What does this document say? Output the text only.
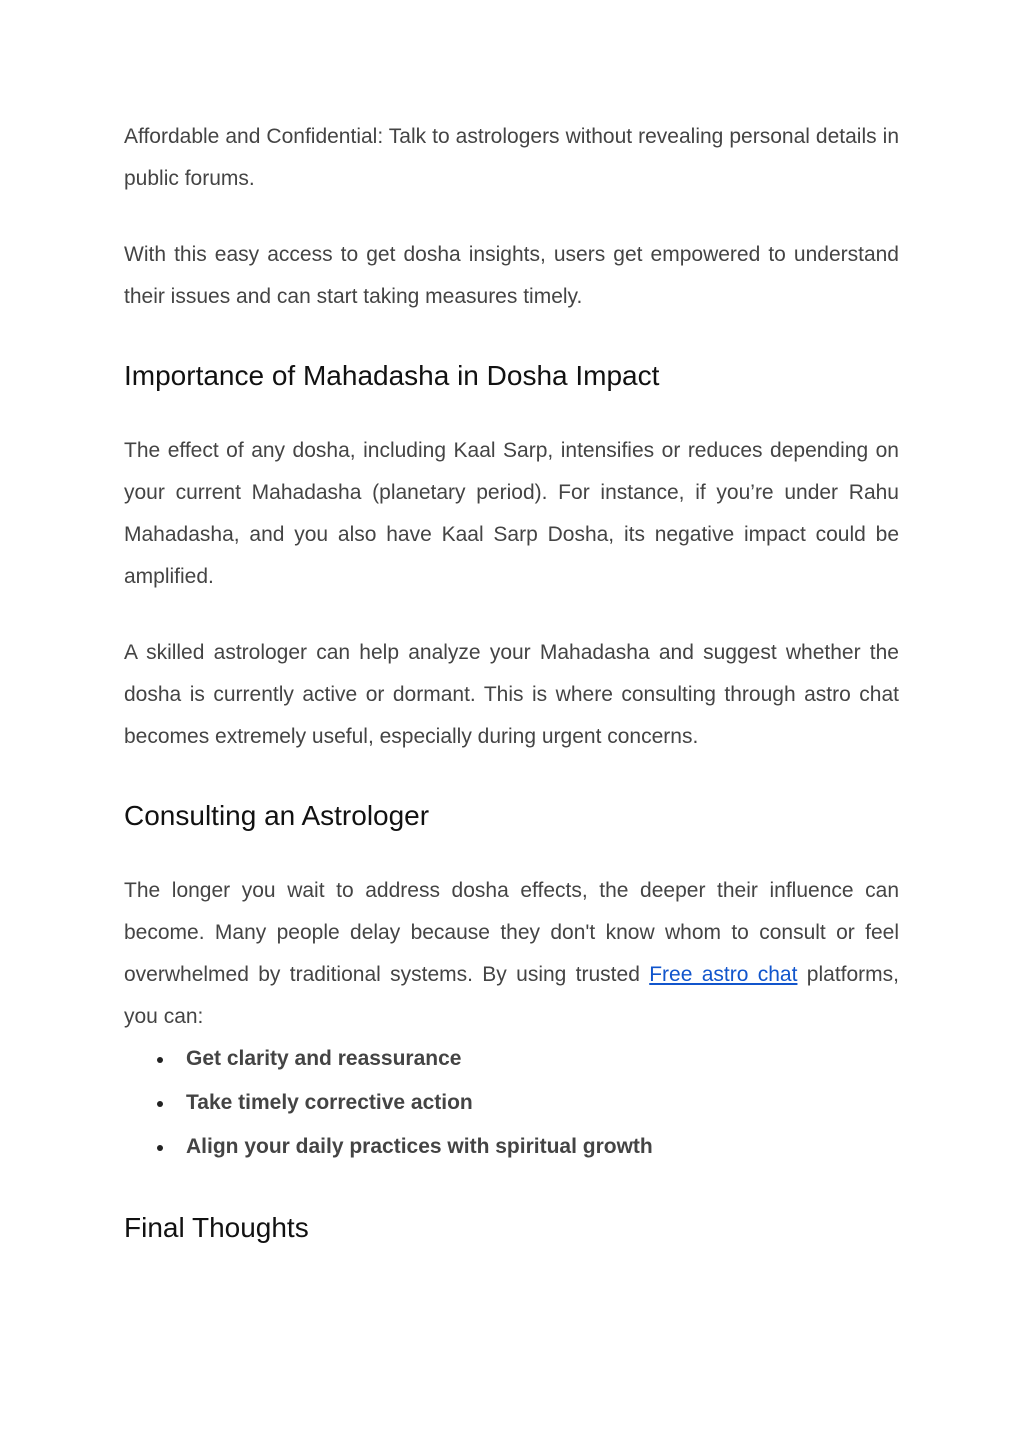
Affordable and Confidential: Talk to astrologers without revealing personal details in public forums.

With this easy access to get dosha insights, users get empowered to understand their issues and can start taking measures timely.

Importance of Mahadasha in Dosha Impact

The effect of any dosha, including Kaal Sarp, intensifies or reduces depending on your current Mahadasha (planetary period). For instance, if you’re under Rahu Mahadasha, and you also have Kaal Sarp Dosha, its negative impact could be amplified.

A skilled astrologer can help analyze your Mahadasha and suggest whether the dosha is currently active or dormant. This is where consulting through astro chat becomes extremely useful, especially during urgent concerns.

Consulting an Astrologer

The longer you wait to address dosha effects, the deeper their influence can become. Many people delay because they don't know whom to consult or feel overwhelmed by traditional systems. By using trusted Free astro chat platforms, you can:

Get clarity and reassurance
Take timely corrective action
Align your daily practices with spiritual growth
Final Thoughts
